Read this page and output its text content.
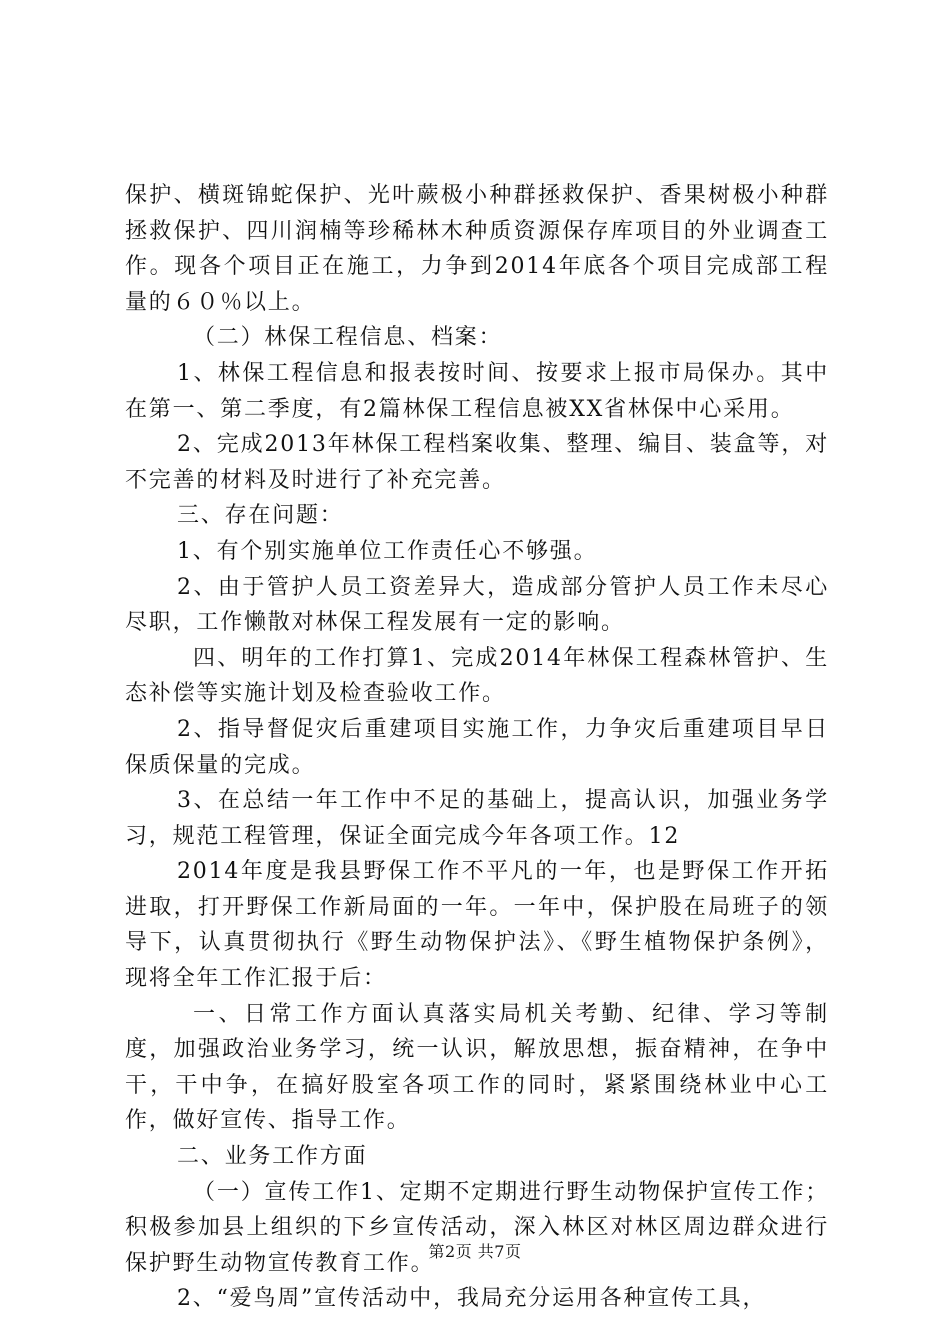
保护、横斑锦蛇保护、光叶蕨极小种群拯救保护、香果树极小种群拯救保护、四川润楠等珍稀林木种质资源保存库项目的外业调查工作。现各个项目正在施工，力争到2014年底各个项目完成部工程量的６０％以上。

（二）林保工程信息、档案：

1、林保工程信息和报表按时间、按要求上报市局保办。其中在第一、第二季度，有2篇林保工程信息被XX省林保中心采用。

2、完成2013年林保工程档案收集、整理、编目、装盒等，对不完善的材料及时进行了补充完善。

三、存在问题：

1、有个别实施单位工作责任心不够强。

2、由于管护人员工资差异大，造成部分管护人员工作未尽心尽职，工作懒散对林保工程发展有一定的影响。

四、明年的工作打算1、完成2014年林保工程森林管护、生态补偿等实施计划及检查验收工作。

2、指导督促灾后重建项目实施工作，力争灾后重建项目早日保质保量的完成。

3、在总结一年工作中不足的基础上，提高认识，加强业务学习，规范工程管理，保证全面完成今年各项工作。12

2014年度是我县野保工作不平凡的一年，也是野保工作开拓进取，打开野保工作新局面的一年。一年中，保护股在局班子的领导下，认真贯彻执行《野生动物保护法》、《野生植物保护条例》，现将全年工作汇报于后：

一、日常工作方面认真落实局机关考勤、纪律、学习等制度，加强政治业务学习，统一认识，解放思想，振奋精神，在争中干，干中争，在搞好股室各项工作的同时，紧紧围绕林业中心工作，做好宣传、指导工作。

二、业务工作方面

（一）宣传工作1、定期不定期进行野生动物保护宣传工作；积极参加县上组织的下乡宣传活动，深入林区对林区周边群众进行保护野生动物宣传教育工作。

2、“爱鸟周”宣传活动中，我局充分运用各种宣传工具，

第2页 共7页
